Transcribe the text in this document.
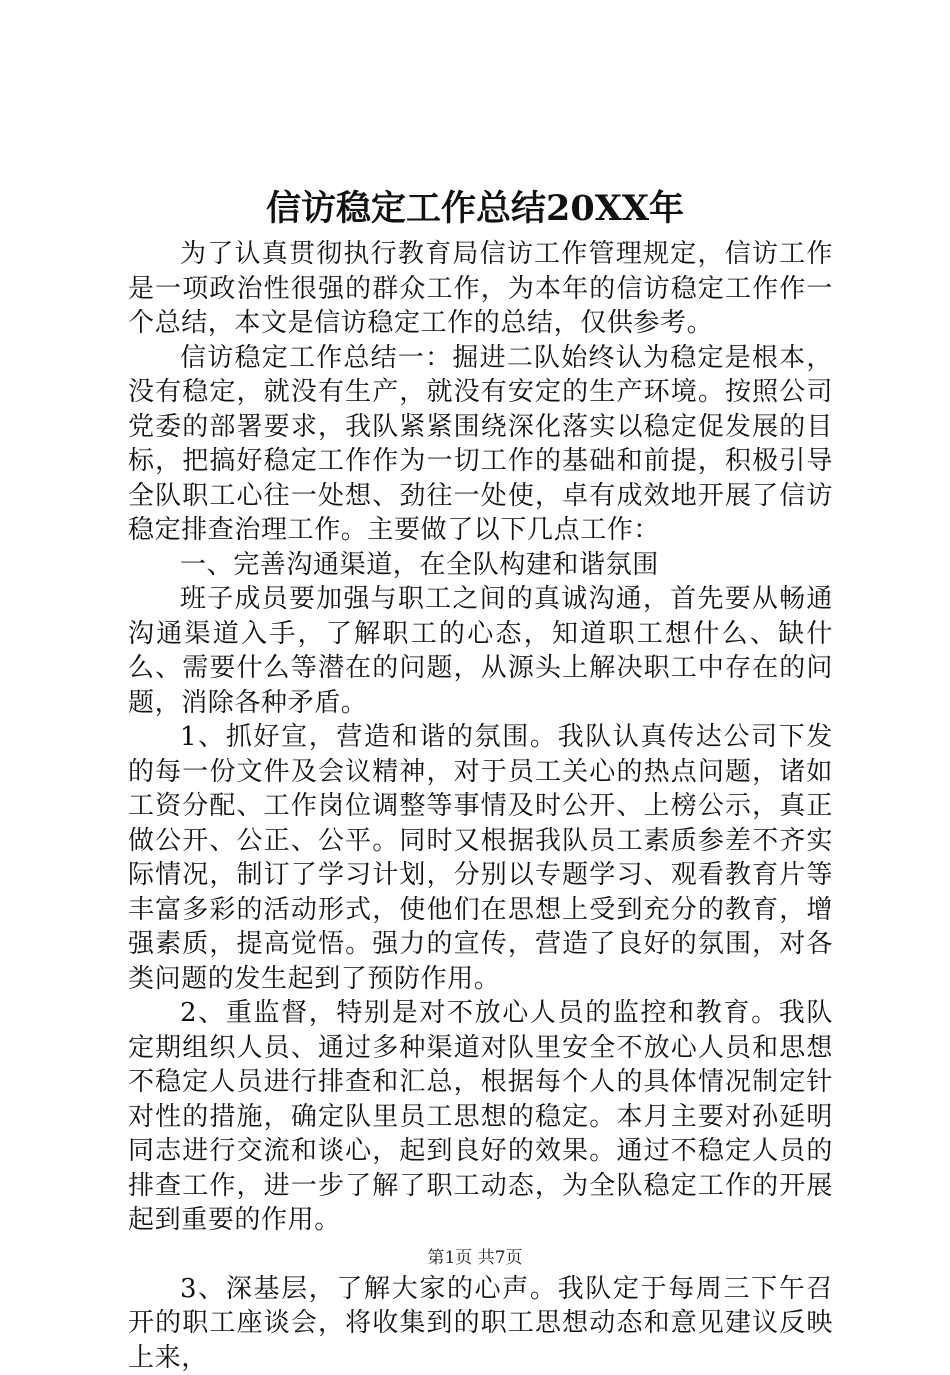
信访稳定工作总结20XX年

为了认真贯彻执行教育局信访工作管理规定，信访工作是一项政治性很强的群众工作，为本年的信访稳定工作作一个总结，本文是信访稳定工作的总结，仅供参考。

信访稳定工作总结一：掘进二队始终认为稳定是根本，没有稳定，就没有生产，就没有安定的生产环境。按照公司党委的部署要求，我队紧紧围绕深化落实以稳定促发展的目标，把搞好稳定工作作为一切工作的基础和前提，积极引导全队职工心往一处想、劲往一处使，卓有成效地开展了信访稳定排查治理工作。主要做了以下几点工作：

一、完善沟通渠道，在全队构建和谐氛围

班子成员要加强与职工之间的真诚沟通，首先要从畅通沟通渠道入手，了解职工的心态，知道职工想什么、缺什么、需要什么等潜在的问题，从源头上解决职工中存在的问题，消除各种矛盾。

1、抓好宣，营造和谐的氛围。我队认真传达公司下发的每一份文件及会议精神，对于员工关心的热点问题，诸如工资分配、工作岗位调整等事情及时公开、上榜公示，真正做公开、公正、公平。同时又根据我队员工素质参差不齐实际情况，制订了学习计划，分别以专题学习、观看教育片等丰富多彩的活动形式，使他们在思想上受到充分的教育，增强素质，提高觉悟。强力的宣传，营造了良好的氛围，对各类问题的发生起到了预防作用。

2、重监督，特别是对不放心人员的监控和教育。我队定期组织人员、通过多种渠道对队里安全不放心人员和思想不稳定人员进行排查和汇总，根据每个人的具体情况制定针对性的措施，确定队里员工思想的稳定。本月主要对孙延明同志进行交流和谈心，起到良好的效果。通过不稳定人员的排查工作，进一步了解了职工动态，为全队稳定工作的开展起到重要的作用。

3、深基层，了解大家的心声。我队定于每周三下午召开的职工座谈会，将收集到的职工思想动态和意见建议反映上来，

第1页 共7页
